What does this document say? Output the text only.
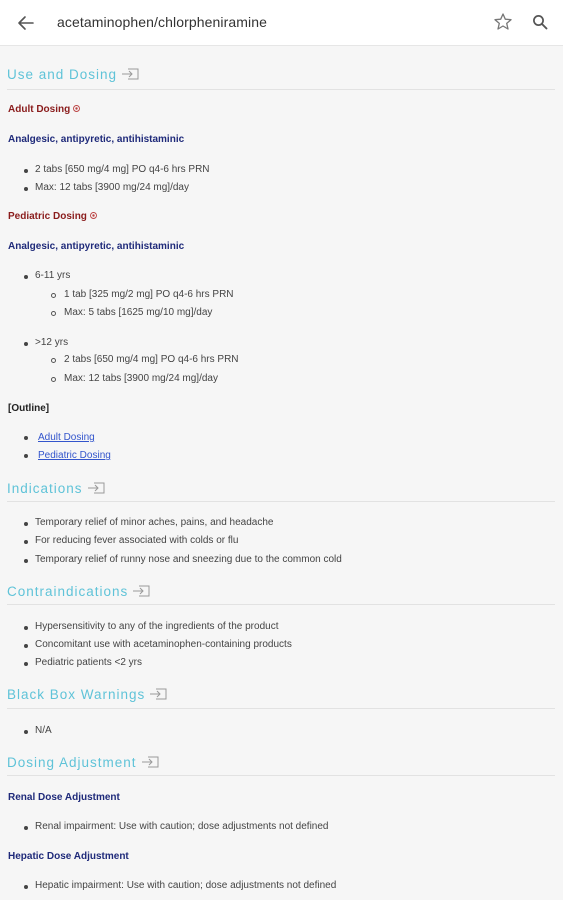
acetaminophen/chlorpheniramine
Use and Dosing
Adult Dosing
Analgesic, antipyretic, antihistaminic
2 tabs [650 mg/4 mg] PO q4-6 hrs PRN
Max: 12 tabs [3900 mg/24 mg]/day
Pediatric Dosing
Analgesic, antipyretic, antihistaminic
6-11 yrs
1 tab [325 mg/2 mg] PO q4-6 hrs PRN
Max: 5 tabs [1625 mg/10 mg]/day
>12 yrs
2 tabs [650 mg/4 mg] PO q4-6 hrs PRN
Max: 12 tabs [3900 mg/24 mg]/day
[Outline]
Adult Dosing
Pediatric Dosing
Indications
Temporary relief of minor aches, pains, and headache
For reducing fever associated with colds or flu
Temporary relief of runny nose and sneezing due to the common cold
Contraindications
Hypersensitivity to any of the ingredients of the product
Concomitant use with acetaminophen-containing products
Pediatric patients <2 yrs
Black Box Warnings
N/A
Dosing Adjustment
Renal Dose Adjustment
Renal impairment: Use with caution; dose adjustments not defined
Hepatic Dose Adjustment
Hepatic impairment: Use with caution; dose adjustments not defined
